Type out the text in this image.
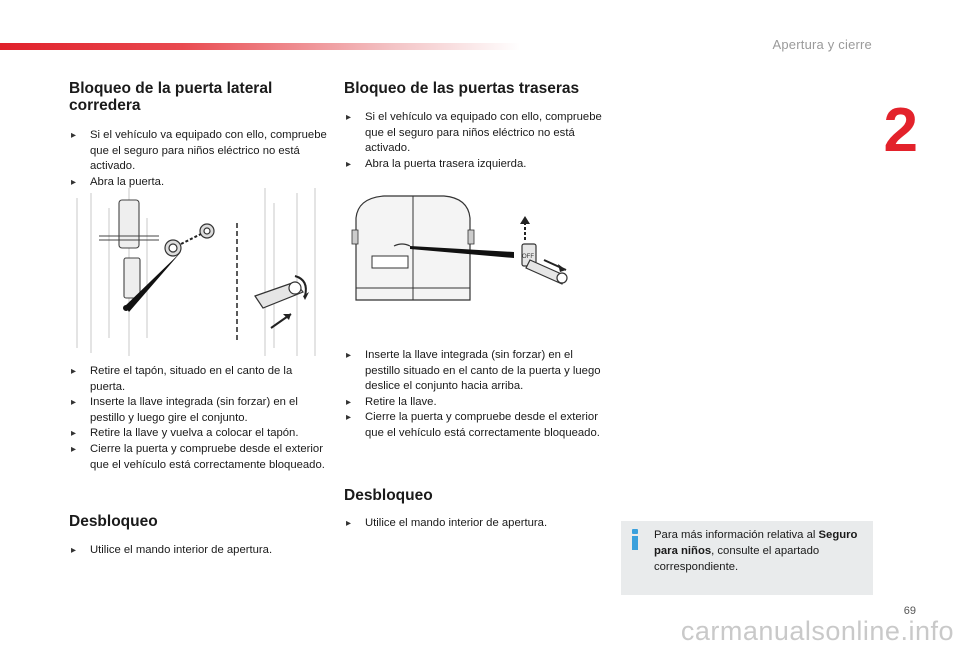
Apertura y cierre
2
Bloqueo de la puerta lateral corredera
▸ Si el vehículo va equipado con ello, compruebe que el seguro para niños eléctrico no está activado.
▸ Abra la puerta.
▸ Retire el tapón, situado en el canto de la puerta.
▸ Inserte la llave integrada (sin forzar) en el pestillo y luego gire el conjunto.
▸ Retire la llave y vuelva a colocar el tapón.
▸ Cierre la puerta y compruebe desde el exterior que el vehículo está correctamente bloqueado.
Desbloqueo
▸ Utilice el mando interior de apertura.
Bloqueo de las puertas traseras
▸ Si el vehículo va equipado con ello, compruebe que el seguro para niños eléctrico no está activado.
▸ Abra la puerta trasera izquierda.
OFF
▸ Inserte la llave integrada (sin forzar) en el pestillo situado en el canto de la puerta y luego deslice el conjunto hacia arriba.
▸ Retire la llave.
▸ Cierre la puerta y compruebe desde el exterior que el vehículo está correctamente bloqueado.
Desbloqueo
▸ Utilice el mando interior de apertura.
Para más información relativa al Seguro para niños, consulte el apartado correspondiente.
69
carmanualsonline.info
